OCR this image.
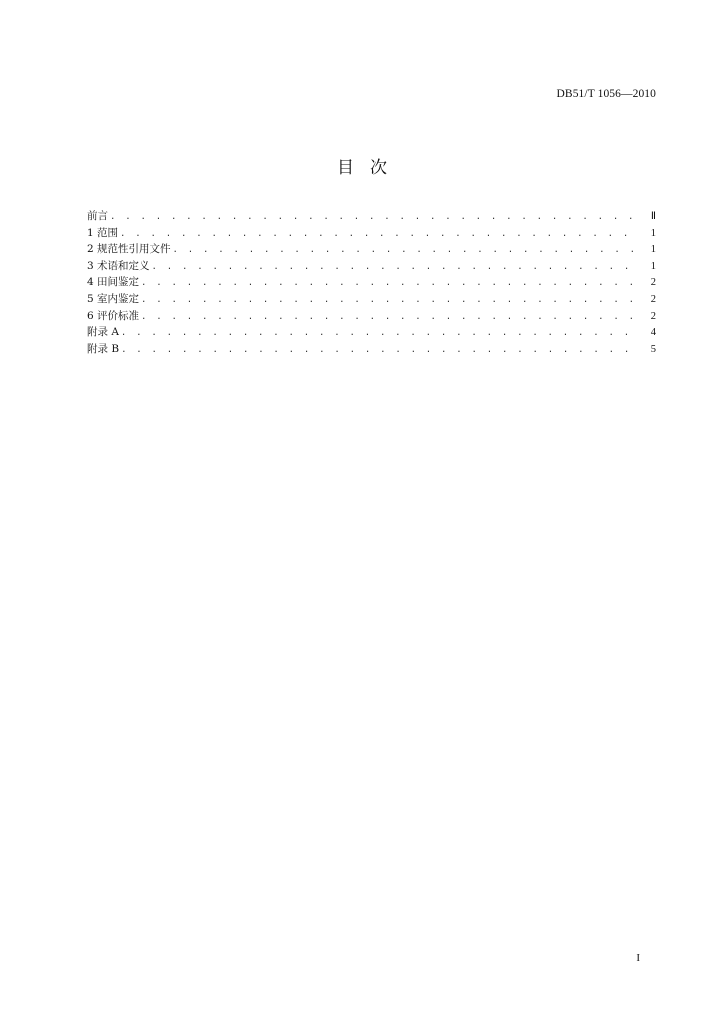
DB51/T 1056—2010
目次
前言 . . .	Ⅱ
1 范围 . . .	1
2 规范性引用文件 . . .	1
3 术语和定义 . . .	1
4 田间鉴定 . . .	2
5 室内鉴定 . . .	2
6 评价标准 . . .	2
附录 A . . .	4
附录 B . . .	5
I
